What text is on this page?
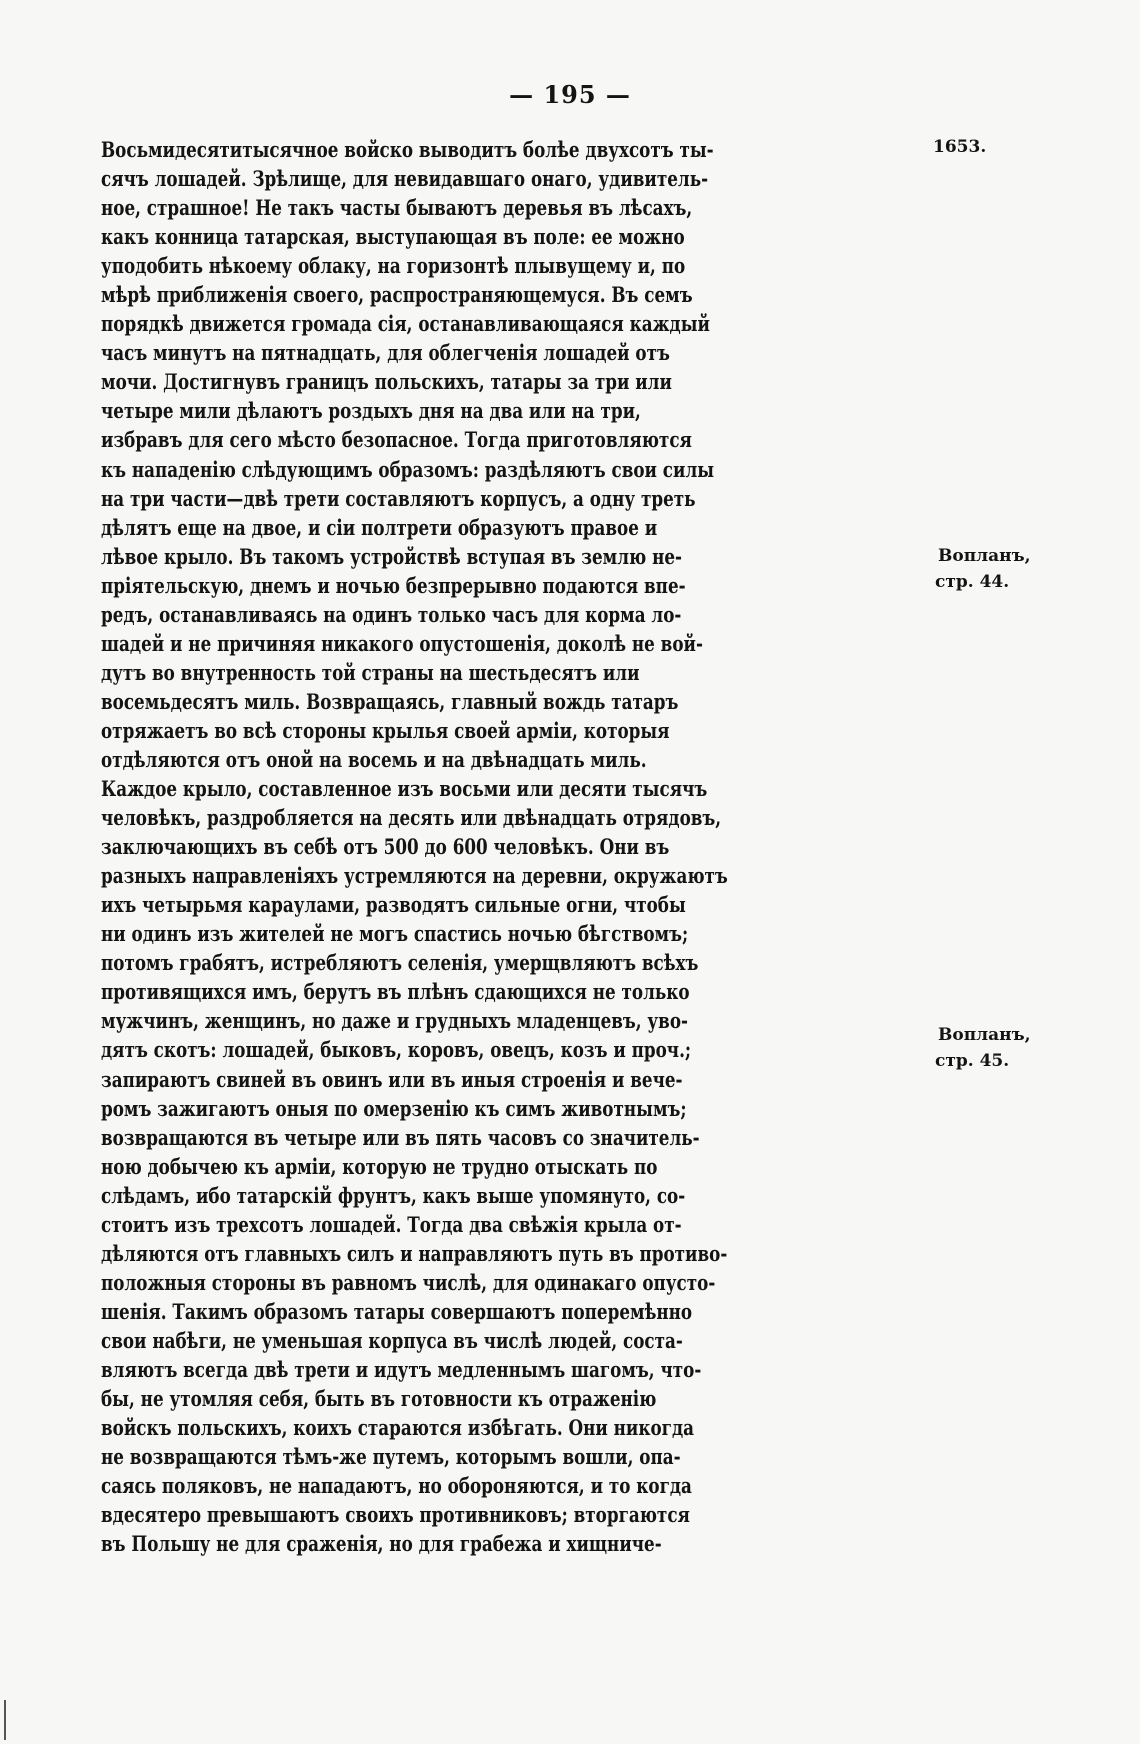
— 195 —
Восьмидесятитысячное войско выводитъ болѣе двухсотъ ты-
сячъ лошадей. Зрѣлище, для невидавшаго онаго, удивитель-
ное, страшное! Не такъ часты бываютъ деревья въ лѣсахъ,
какъ конница татарская, выступающая въ поле: ее можно
уподобить нѣкоему облаку, на горизонтѣ плывущему и, по
мѣрѣ приближенія своего, распространяющемуся. Въ семъ
порядкѣ движется громада сія, останавливающаяся каждый
часъ минутъ на пятнадцать, для облегченія лошадей отъ
мочи. Достигнувъ границъ польскихъ, татары за три или
четыре мили дѣлаютъ роздыхъ дня на два или на три,
избравъ для сего мѣсто безопасное. Тогда приготовляются
къ нападенію слѣдующимъ образомъ: раздѣляютъ свои силы
на три части—двѣ трети составляютъ корпусъ, а одну треть
дѣлятъ еще на двое, и сіи полтрети образуютъ правое и
лѣвое крыло. Въ такомъ устройствѣ вступая въ землю не-
пріятельскую, днемъ и ночью безпрерывно подаются впе-
редъ, останавливаясь на одинъ только часъ для корма ло-
шадей и не причиняя никакого опустошенія, доколѣ не вой-
дутъ во внутренность той страны на шестьдесятъ или
восемьдесятъ миль. Возвращаясь, главный вождь татаръ
отряжаетъ во всѣ стороны крылья своей арміи, которыя
отдѣляются отъ оной на восемь и на двѣнадцать миль.
Каждое крыло, составленное изъ восьми или десяти тысячъ
человѣкъ, раздробляется на десять или двѣнадцать отрядовъ,
заключающихъ въ себѣ отъ 500 до 600 человѣкъ. Они въ
разныхъ направленіяхъ устремляются на деревни, окружаютъ
ихъ четырьмя караулами, разводятъ сильные огни, чтобы
ни одинъ изъ жителей не могъ спастись ночью бѣгствомъ;
потомъ грабятъ, истребляютъ селенія, умерщвляютъ всѣхъ
противящихся имъ, берутъ въ плѣнъ сдающихся не только
мужчинъ, женщинъ, но даже и грудныхъ младенцевъ, уво-
дятъ скотъ: лошадей, быковъ, коровъ, овецъ, козъ и проч.;
запираютъ свиней въ овинъ или въ иныя строенія и вече-
ромъ зажигаютъ оныя по омерзенію къ симъ животнымъ;
возвращаются въ четыре или въ пять часовъ со значитель-
ною добычею къ арміи, которую не трудно отыскать по
слѣдамъ, ибо татарскій фрунтъ, какъ выше упомянуто, со-
стоитъ изъ трехсотъ лошадей. Тогда два свѣжія крыла от-
дѣляются отъ главныхъ силъ и направляютъ путь въ противо-
положныя стороны въ равномъ числѣ, для одинакаго опусто-
шенія. Такимъ образомъ татары совершаютъ поперемѣнно
свои набѣги, не уменьшая корпуса въ числѣ людей, соста-
вляютъ всегда двѣ трети и идутъ медленнымъ шагомъ, что-
бы, не утомляя себя, быть въ готовности къ отраженію
войскъ польскихъ, коихъ стараются избѣгать. Они никогда
не возвращаются тѣмъ-же путемъ, которымъ вошли, опа-
саясь поляковъ, не нападаютъ, но обороняются, и то когда
вдесятеро превышаютъ своихъ противниковъ; вторгаются
въ Польшу не для сраженія, но для грабежа и хищниче-
1653.
Вопланъ,
стр. 44.
Вопланъ,
стр. 45.
